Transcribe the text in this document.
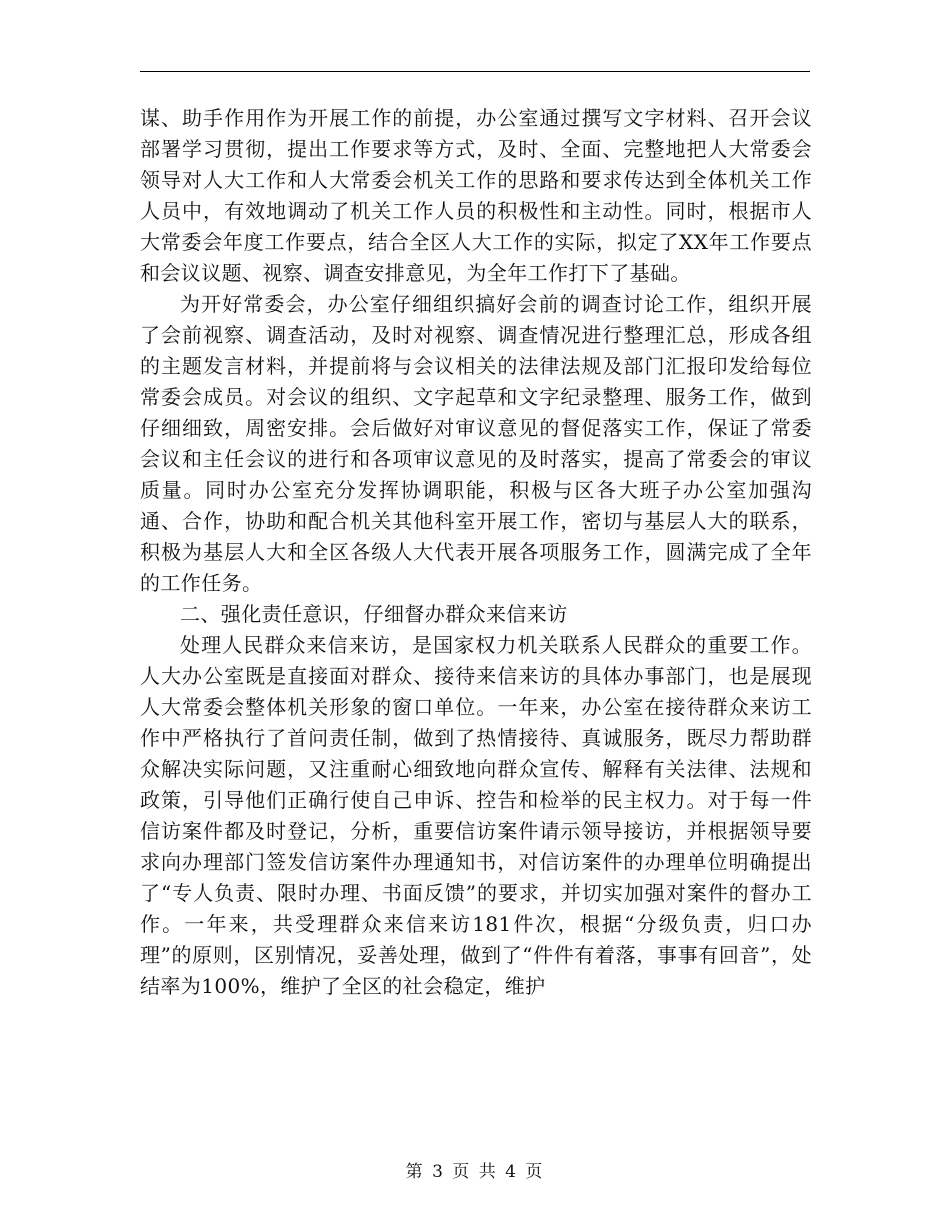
谋、助手作用作为开展工作的前提，办公室通过撰写文字材料、召开会议部署学习贯彻，提出工作要求等方式，及时、全面、完整地把人大常委会领导对人大工作和人大常委会机关工作的思路和要求传达到全体机关工作人员中，有效地调动了机关工作人员的积极性和主动性。同时，根据市人大常委会年度工作要点，结合全区人大工作的实际，拟定了XX年工作要点和会议议题、视察、调查安排意见，为全年工作打下了基础。

为开好常委会，办公室仔细组织搞好会前的调查讨论工作，组织开展了会前视察、调查活动，及时对视察、调查情况进行整理汇总，形成各组的主题发言材料，并提前将与会议相关的法律法规及部门汇报印发给每位常委会成员。对会议的组织、文字起草和文字纪录整理、服务工作，做到仔细细致，周密安排。会后做好对审议意见的督促落实工作，保证了常委会议和主任会议的进行和各项审议意见的及时落实，提高了常委会的审议质量。同时办公室充分发挥协调职能，积极与区各大班子办公室加强沟通、合作，协助和配合机关其他科室开展工作，密切与基层人大的联系，积极为基层人大和全区各级人大代表开展各项服务工作，圆满完成了全年的工作任务。

二、强化责任意识，仔细督办群众来信来访

处理人民群众来信来访，是国家权力机关联系人民群众的重要工作。人大办公室既是直接面对群众、接待来信来访的具体办事部门，也是展现人大常委会整体机关形象的窗口单位。一年来，办公室在接待群众来访工作中严格执行了首问责任制，做到了热情接待、真诚服务，既尽力帮助群众解决实际问题，又注重耐心细致地向群众宣传、解释有关法律、法规和政策，引导他们正确行使自己申诉、控告和检举的民主权力。对于每一件信访案件都及时登记，分析，重要信访案件请示领导接访，并根据领导要求向办理部门签发信访案件办理通知书，对信访案件的办理单位明确提出了“专人负责、限时办理、书面反馈”的要求，并切实加强对案件的督办工作。一年来，共受理群众来信来访181件次，根据“分级负责，归口办理”的原则，区别情况，妥善处理，做到了“件件有着落，事事有回音”，处结率为100%，维护了全区的社会稳定，维护

第 3 页 共 4 页
